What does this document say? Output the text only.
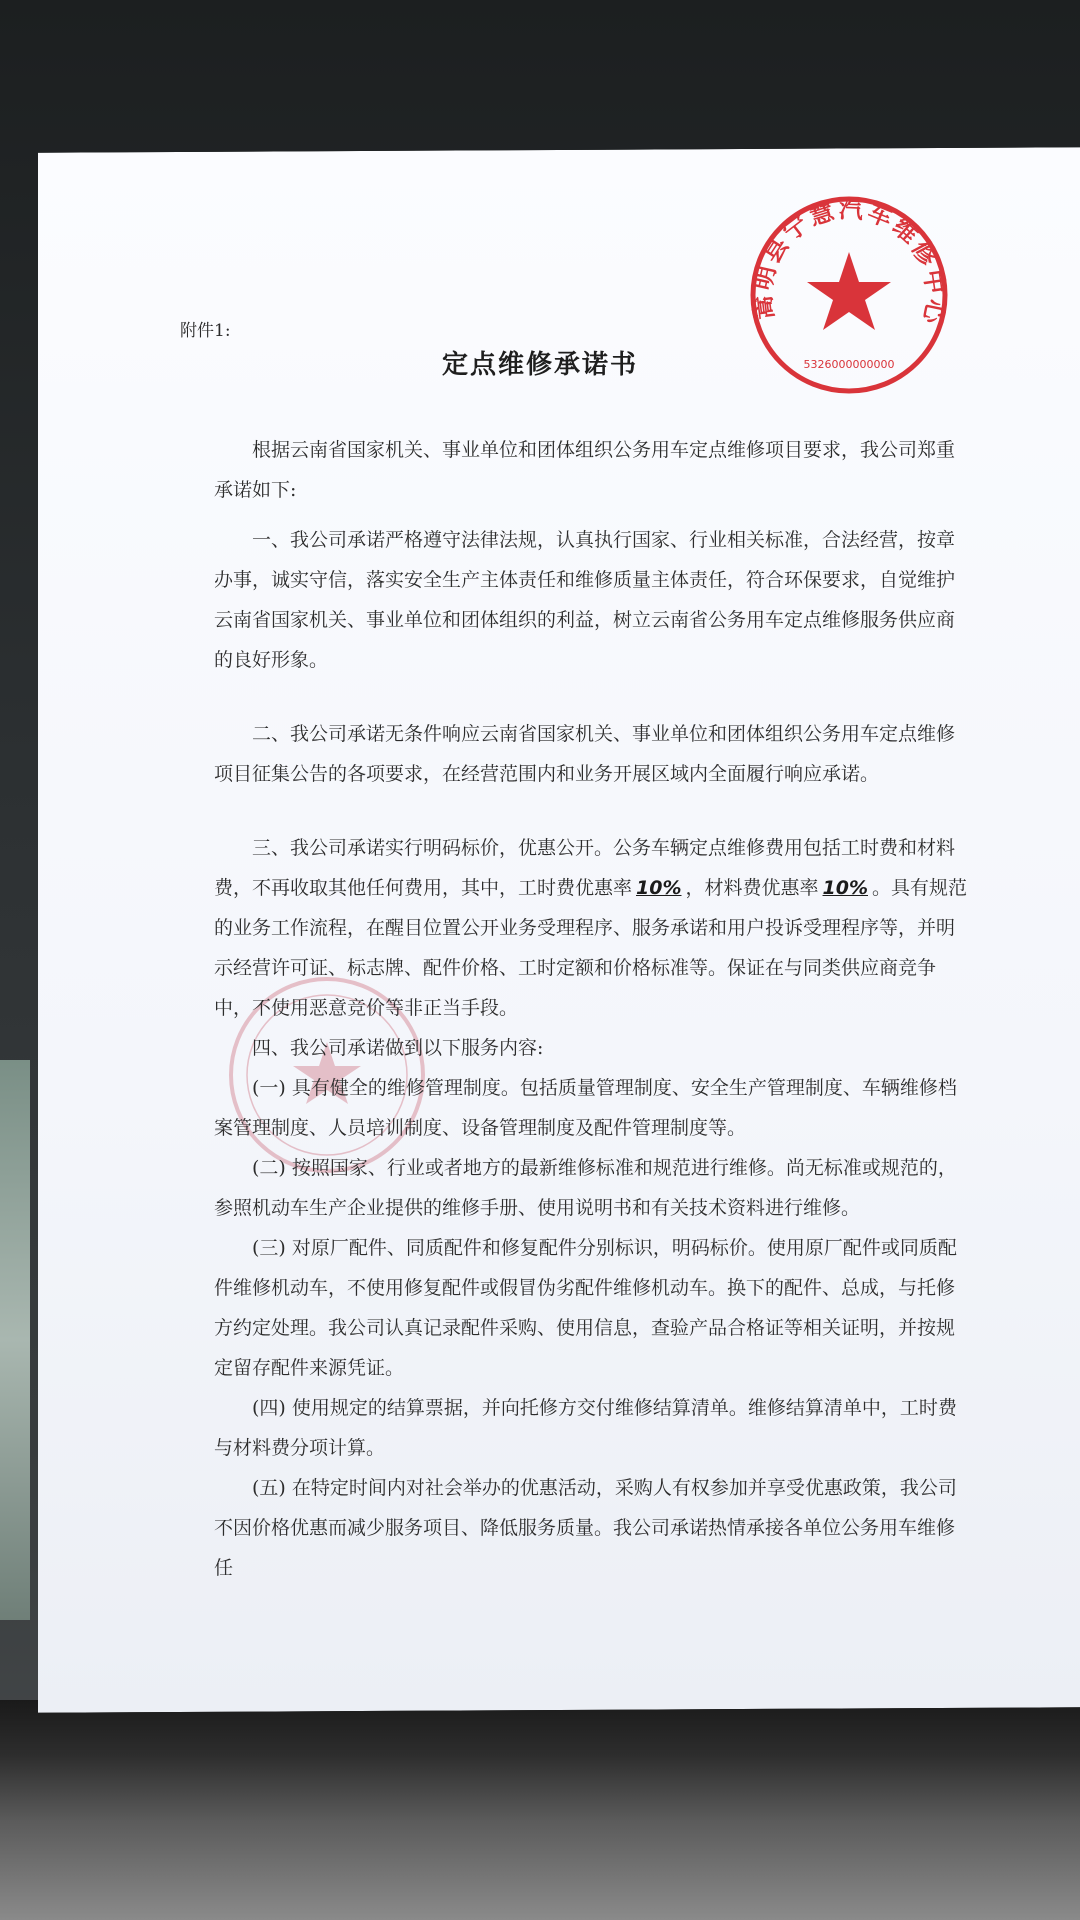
附件1:
定点维修承诺书
嵩明县宁慧汽车维修中心
5326000000000

根据云南省国家机关、事业单位和团体组织公务用车定点维修项目要求，我公司郑重承诺如下:

一、我公司承诺严格遵守法律法规，认真执行国家、行业相关标准，合法经营，按章办事，诚实守信，落实安全生产主体责任和维修质量主体责任，符合环保要求，自觉维护云南省国家机关、事业单位和团体组织的利益，树立云南省公务用车定点维修服务供应商的良好形象。

二、我公司承诺无条件响应云南省国家机关、事业单位和团体组织公务用车定点维修项目征集公告的各项要求，在经营范围内和业务开展区域内全面履行响应承诺。

三、我公司承诺实行明码标价，优惠公开。公务车辆定点维修费用包括工时费和材料费，不再收取其他任何费用，其中，工时费优惠率 10% ，材料费优惠率 10% 。具有规范的业务工作流程，在醒目位置公开业务受理程序、服务承诺和用户投诉受理程序等，并明示经营许可证、标志牌、配件价格、工时定额和价格标准等。保证在与同类供应商竞争中，不使用恶意竞价等非正当手段。

四、我公司承诺做到以下服务内容:

(一) 具有健全的维修管理制度。包括质量管理制度、安全生产管理制度、车辆维修档案管理制度、人员培训制度、设备管理制度及配件管理制度等。

(二) 按照国家、行业或者地方的最新维修标准和规范进行维修。尚无标准或规范的，参照机动车生产企业提供的维修手册、使用说明书和有关技术资料进行维修。

(三) 对原厂配件、同质配件和修复配件分别标识，明码标价。使用原厂配件或同质配件维修机动车，不使用修复配件或假冒伪劣配件维修机动车。换下的配件、总成，与托修方约定处理。我公司认真记录配件采购、使用信息，查验产品合格证等相关证明，并按规定留存配件来源凭证。

(四) 使用规定的结算票据，并向托修方交付维修结算清单。维修结算清单中，工时费与材料费分项计算。

(五) 在特定时间内对社会举办的优惠活动，采购人有权参加并享受优惠政策，我公司不因价格优惠而减少服务项目、降低服务质量。我公司承诺热情承接各单位公务用车维修任
